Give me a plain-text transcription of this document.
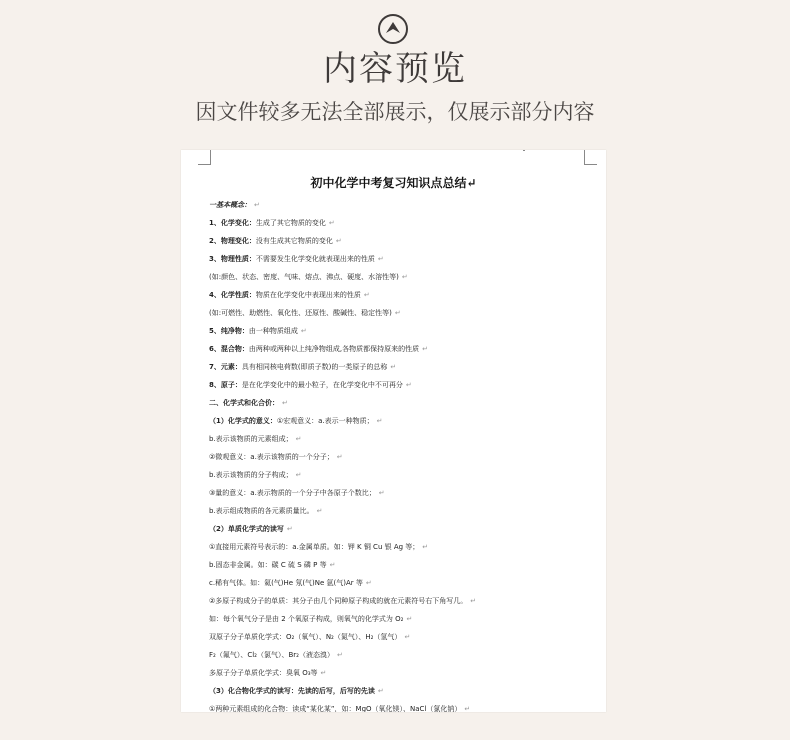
内容预览
因文件较多无法全部展示，仅展示部分内容
初中化学中考复习知识点总结↵
一基本概念： ↵
1、化学变化：生成了其它物质的变化 ↵
2、物理变化：没有生成其它物质的变化 ↵
3、物理性质：不需要发生化学变化就表现出来的性质 ↵
(如:颜色、状态、密度、气味、熔点、沸点、硬度、水溶性等) ↵
4、化学性质：物质在化学变化中表现出来的性质 ↵
(如:可燃性、助燃性、氧化性、还原性、酸碱性、稳定性等) ↵
5、纯净物：由一种物质组成 ↵
6、混合物：由两种或两种以上纯净物组成,各物质都保持原来的性质 ↵
7、元素：具有相同核电荷数(即质子数)的一类原子的总称 ↵
8、原子：是在化学变化中的最小粒子，在化学变化中不可再分 ↵
二、化学式和化合价： ↵
（1）化学式的意义：①宏观意义：a.表示一种物质； ↵
b.表示该物质的元素组成； ↵
②微观意义：a.表示该物质的一个分子； ↵
b.表示该物质的分子构成； ↵
③量的意义：a.表示物质的一个分子中各原子个数比； ↵
b.表示组成物质的各元素质量比。 ↵
（2）单质化学式的读写 ↵
①直接用元素符号表示的：a.金属单质。如：钾 K 铜 Cu 银 Ag 等； ↵
b.固态非金属。如：碳 C 硫 S 磷 P 等 ↵
c.稀有气体。如：氦(气)He 氖(气)Ne 氩(气)Ar 等 ↵
②多原子构成分子的单质：其分子由几个同种原子构成的就在元素符号右下角写几。 ↵
如：每个氧气分子是由 2 个氧原子构成，则氧气的化学式为 O₂ ↵
双原子分子单质化学式：O₂（氧气）、N₂（氮气）、H₂（氢气） ↵
F₂（氟气）、Cl₂（氯气）、Br₂（液态溴） ↵
多原子分子单质化学式：臭氧 O₃等 ↵
（3）化合物化学式的读写：先读的后写，后写的先读 ↵
①两种元素组成的化合物：读成“某化某”，如：MgO（氧化镁）、NaCl（氯化钠） ↵
